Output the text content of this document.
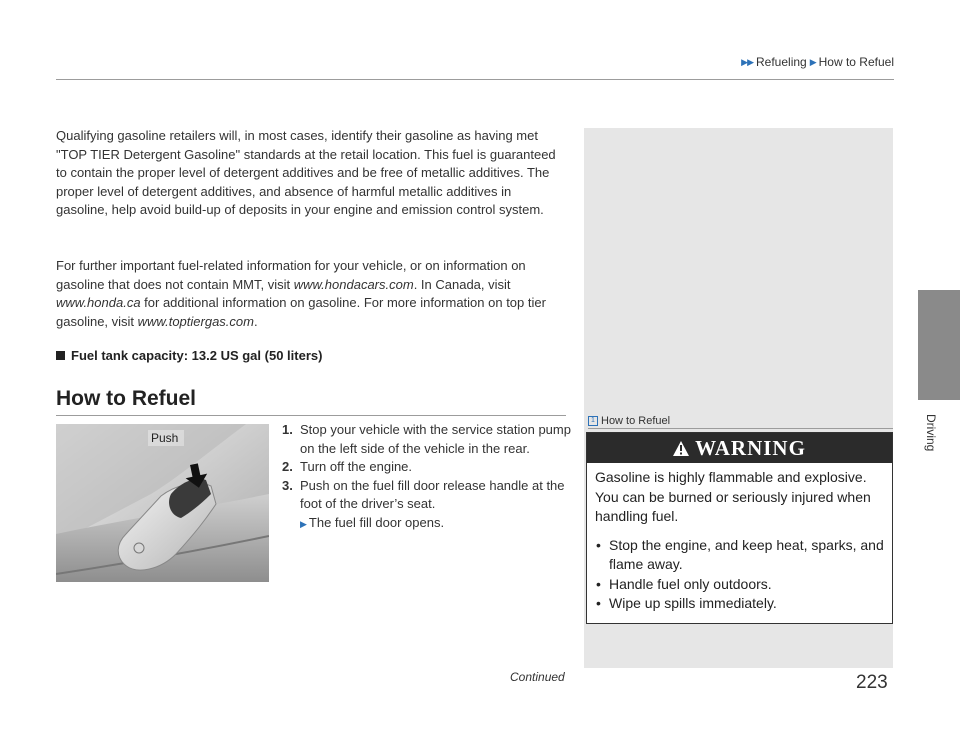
▶▶ Refueling ▶ How to Refuel
Driving
Qualifying gasoline retailers will, in most cases, identify their gasoline as having met "TOP TIER Detergent Gasoline" standards at the retail location. This fuel is guaranteed to contain the proper level of detergent additives and be free of metallic additives. The proper level of detergent additives, and absence of harmful metallic additives in gasoline, help avoid build-up of deposits in your engine and emission control system.
For further important fuel-related information for your vehicle, or on information on gasoline that does not contain MMT, visit www.hondacars.com. In Canada, visit www.honda.ca for additional information on gasoline. For more information on top tier gasoline, visit www.toptiergas.com.
Fuel tank capacity: 13.2 US gal (50 liters)
How to Refuel
Push
1. Stop your vehicle with the service station pump on the left side of the vehicle in the rear.
2. Turn off the engine.
3. Push on the fuel fill door release handle at the foot of the driver’s seat.
▶ The fuel fill door opens.
1 How to Refuel
WARNING
Gasoline is highly flammable and explosive. You can be burned or seriously injured when handling fuel.
• Stop the engine, and keep heat, sparks, and flame away.
• Handle fuel only outdoors.
• Wipe up spills immediately.
Continued	223
